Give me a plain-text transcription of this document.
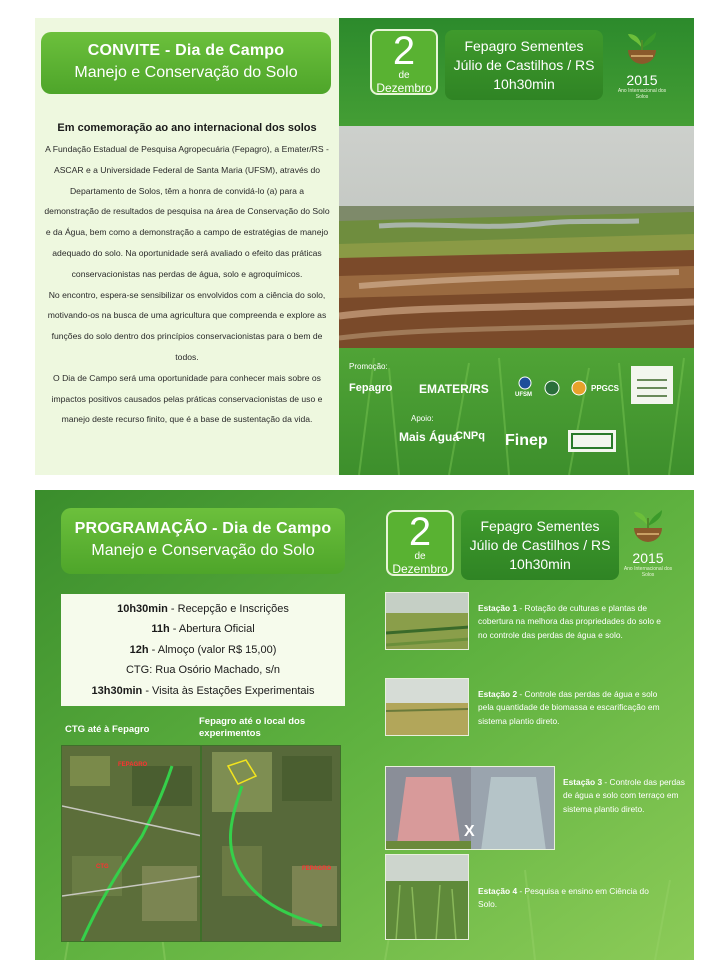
CONVITE - Dia de Campo
Manejo e Conservação do Solo
Em comemoração ao ano internacional dos solos

A Fundação Estadual de Pesquisa Agropecuária (Fepagro), a Emater/RS - ASCAR e a Universidade Federal de Santa Maria (UFSM), através do Departamento de Solos, têm a honra de convidá-lo (a) para a demonstração de resultados de pesquisa na área de Conservação do Solo e da Água, bem como a demonstração a campo de estratégias de manejo adequado do solo. Na oportunidade será avaliado o efeito das práticas conservacionistas nas perdas de água, solo e agroquímicos.

No encontro, espera-se sensibilizar os envolvidos com a ciência do solo, motivando-os na busca de uma agricultura que compreenda e explore as funções do solo dentro dos princípios conservacionistas para o bem de todos.

O Dia de Campo será uma oportunidade para conhecer mais sobre os impactos positivos causados pelas práticas conservacionistas de uso e manejo deste recurso finito, que é a base de sustentação da vida.

2
de
Dezembro
Fepagro Sementes
Júlio de Castilhos / RS
10h30min	2015
Ano Internacional dos Solos
Promoção:
Fepagro EMATER/RS	UFSM
PPGCS
Apoio:
Mais Água
CNPq Finep
PROGRAMAÇÃO - Dia de Campo
Manejo e Conservação do Solo	2
de
Dezembro
Fepagro Sementes
Júlio de Castilhos / RS
10h30min	2015
Ano Internacional dos Solos
10h30min - Recepção e Inscrições
11h - Abertura Oficial
12h - Almoço (valor R$ 15,00)
CTG: Rua Osório Machado, s/n
13h30min - Visita às Estações Experimentais
CTG até à Fepagro
Fepagro até o local dos experimentos
FEPAGRO
CTG	FEPAGRO
Estação 1 - Rotação de culturas e plantas de cobertura na melhora das propriedades do solo e no controle das perdas de água e solo.
Estação 2 - Controle das perdas de água e solo pela quantidade de biomassa e escarificação em sistema plantio direto.
X
Estação 3 - Controle das perdas de água e solo com terraço em sistema plantio direto.
Estação 4 - Pesquisa e ensino em Ciência do Solo.
